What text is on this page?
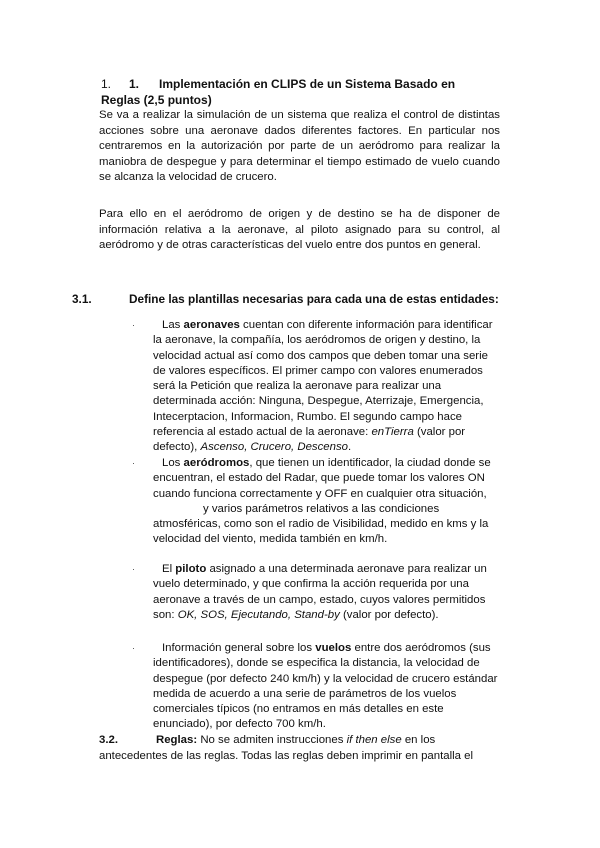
1. 1. Implementación en CLIPS de un Sistema Basado en
Reglas (2,5 puntos)
Se va a realizar la simulación de un sistema que realiza el control de distintas acciones sobre una aeronave dados diferentes factores. En particular nos centraremos en la autorización por parte de un aeródromo para realizar la maniobra de despegue y para determinar el tiempo estimado de vuelo cuando se alcanza la velocidad de crucero.
Para ello en el aeródromo de origen y de destino se ha de disponer de información relativa a la aeronave, al piloto asignado para su control, al aeródromo y de otras características del vuelo entre dos puntos en general.
3.1.	Define las plantillas necesarias para cada una de estas entidades:
· Las aeronaves cuentan con diferente información para identificar la aeronave, la compañía, los aeródromos de origen y destino, la velocidad actual así como dos campos que deben tomar una serie de valores específicos. El primer campo con valores enumerados será la Petición que realiza la aeronave para realizar una determinada acción: Ninguna, Despegue, Aterrizaje, Emergencia, Intecerptacion, Informacion, Rumbo. El segundo campo hace referencia al estado actual de la aeronave: enTierra (valor por defecto), Ascenso, Crucero, Descenso.
· Los aeródromos, que tienen un identificador, la ciudad donde se encuentran, el estado del Radar, que puede tomar los valores ON cuando funciona correctamente y OFF en cualquier otra situación,y varios parámetros relativos a las condiciones atmosféricas, como son el radio de Visibilidad, medido en kms y la velocidad del viento, medida también en km/h.
· El piloto asignado a una determinada aeronave para realizar un vuelo determinado, y que confirma la acción requerida por una aeronave a través de un campo, estado, cuyos valores permitidos son: OK, SOS, Ejecutando, Stand-by (valor por defecto).
· Información general sobre los vuelos entre dos aeródromos (sus identificadores), donde se especifica la distancia, la velocidad de despegue (por defecto 240 km/h) y la velocidad de crucero estándar medida de acuerdo a una serie de parámetros de los vuelos comerciales típicos (no entramos en más detalles en este enunciado), por defecto 700 km/h.
3.2.	Reglas: No se admiten instrucciones if then else en los antecedentes de las reglas. Todas las reglas deben imprimir en pantalla el
